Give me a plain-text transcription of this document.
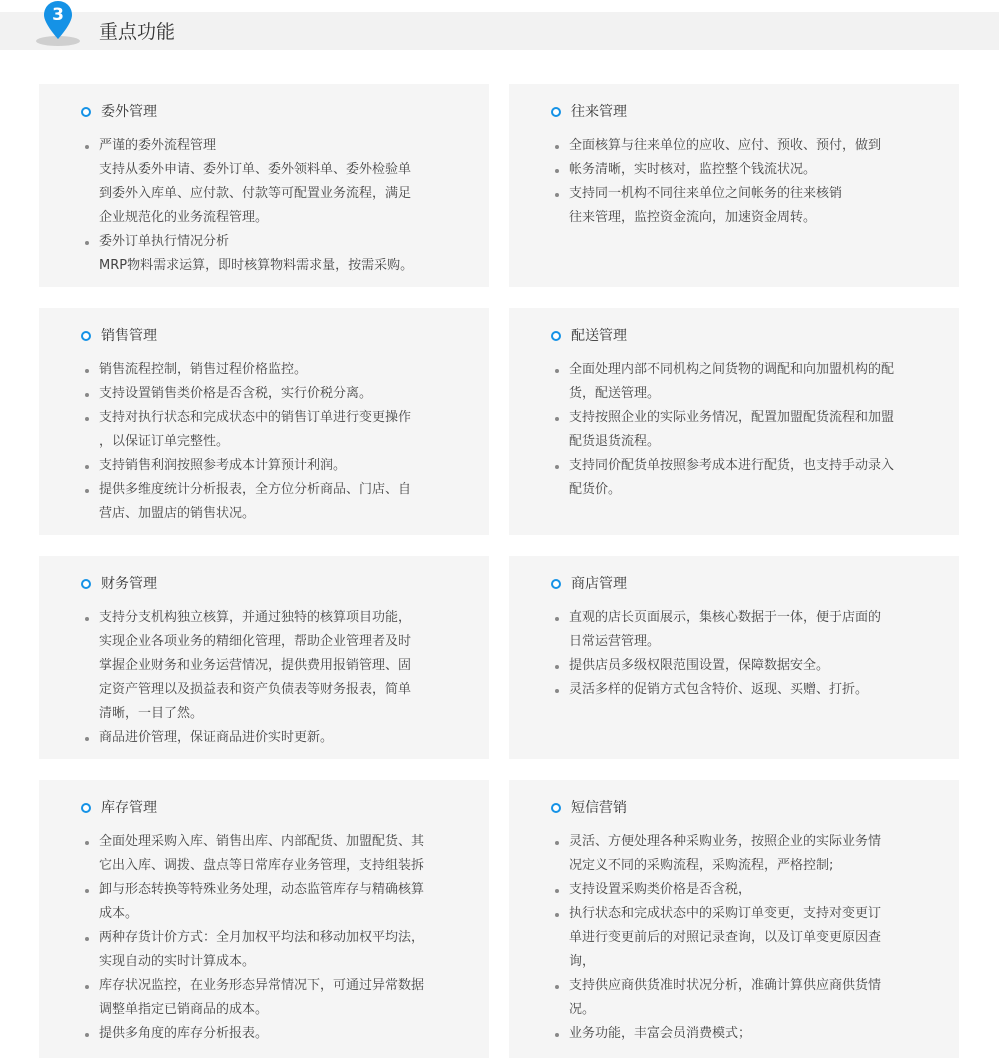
3
重点功能
委外管理
严谨的委外流程管理
支持从委外申请、委外订单、委外领料单、委外检验单
到委外入库单、应付款、付款等可配置业务流程，满足
企业规范化的业务流程管理。
委外订单执行情况分析
MRP物料需求运算，即时核算物料需求量，按需采购。
往来管理
全面核算与往来单位的应收、应付、预收、预付，做到
帐务清晰，实时核对，监控整个钱流状况。
支持同一机构不同往来单位之间帐务的往来核销
往来管理，监控资金流向，加速资金周转。
销售管理
销售流程控制，销售过程价格监控。
支持设置销售类价格是否含税，实行价税分离。
支持对执行状态和完成状态中的销售订单进行变更操作
，以保证订单完整性。
支持销售利润按照参考成本计算预计利润。
提供多维度统计分析报表，全方位分析商品、门店、自
营店、加盟店的销售状况。
配送管理
全面处理内部不同机构之间货物的调配和向加盟机构的配
货，配送管理。
支持按照企业的实际业务情况，配置加盟配货流程和加盟
配货退货流程。
支持同价配货单按照参考成本进行配货，也支持手动录入
配货价。
财务管理
支持分支机构独立核算，并通过独特的核算项目功能，
实现企业各项业务的精细化管理，帮助企业管理者及时
掌握企业财务和业务运营情况，提供费用报销管理、固
定资产管理以及损益表和资产负债表等财务报表，简单
清晰，一目了然。
商品进价管理，保证商品进价实时更新。
商店管理
直观的店长页面展示，集核心数据于一体，便于店面的
日常运营管理。
提供店员多级权限范围设置，保障数据安全。
灵活多样的促销方式包含特价、返现、买赠、打折。
库存管理
全面处理采购入库、销售出库、内部配货、加盟配货、其
它出入库、调拨、盘点等日常库存业务管理，支持组装拆
卸与形态转换等特殊业务处理，动态监管库存与精确核算
成本。
两种存货计价方式：全月加权平均法和移动加权平均法，
实现自动的实时计算成本。
库存状况监控，在业务形态异常情况下，可通过异常数据
调整单指定已销商品的成本。
提供多角度的库存分析报表。
短信营销
灵活、方便处理各种采购业务，按照企业的实际业务情
况定义不同的采购流程，采购流程，严格控制;
支持设置采购类价格是否含税，
执行状态和完成状态中的采购订单变更，支持对变更订
单进行变更前后的对照记录查询，以及订单变更原因查
询，
支持供应商供货准时状况分析，准确计算供应商供货情
况。
业务功能，丰富会员消费模式；
